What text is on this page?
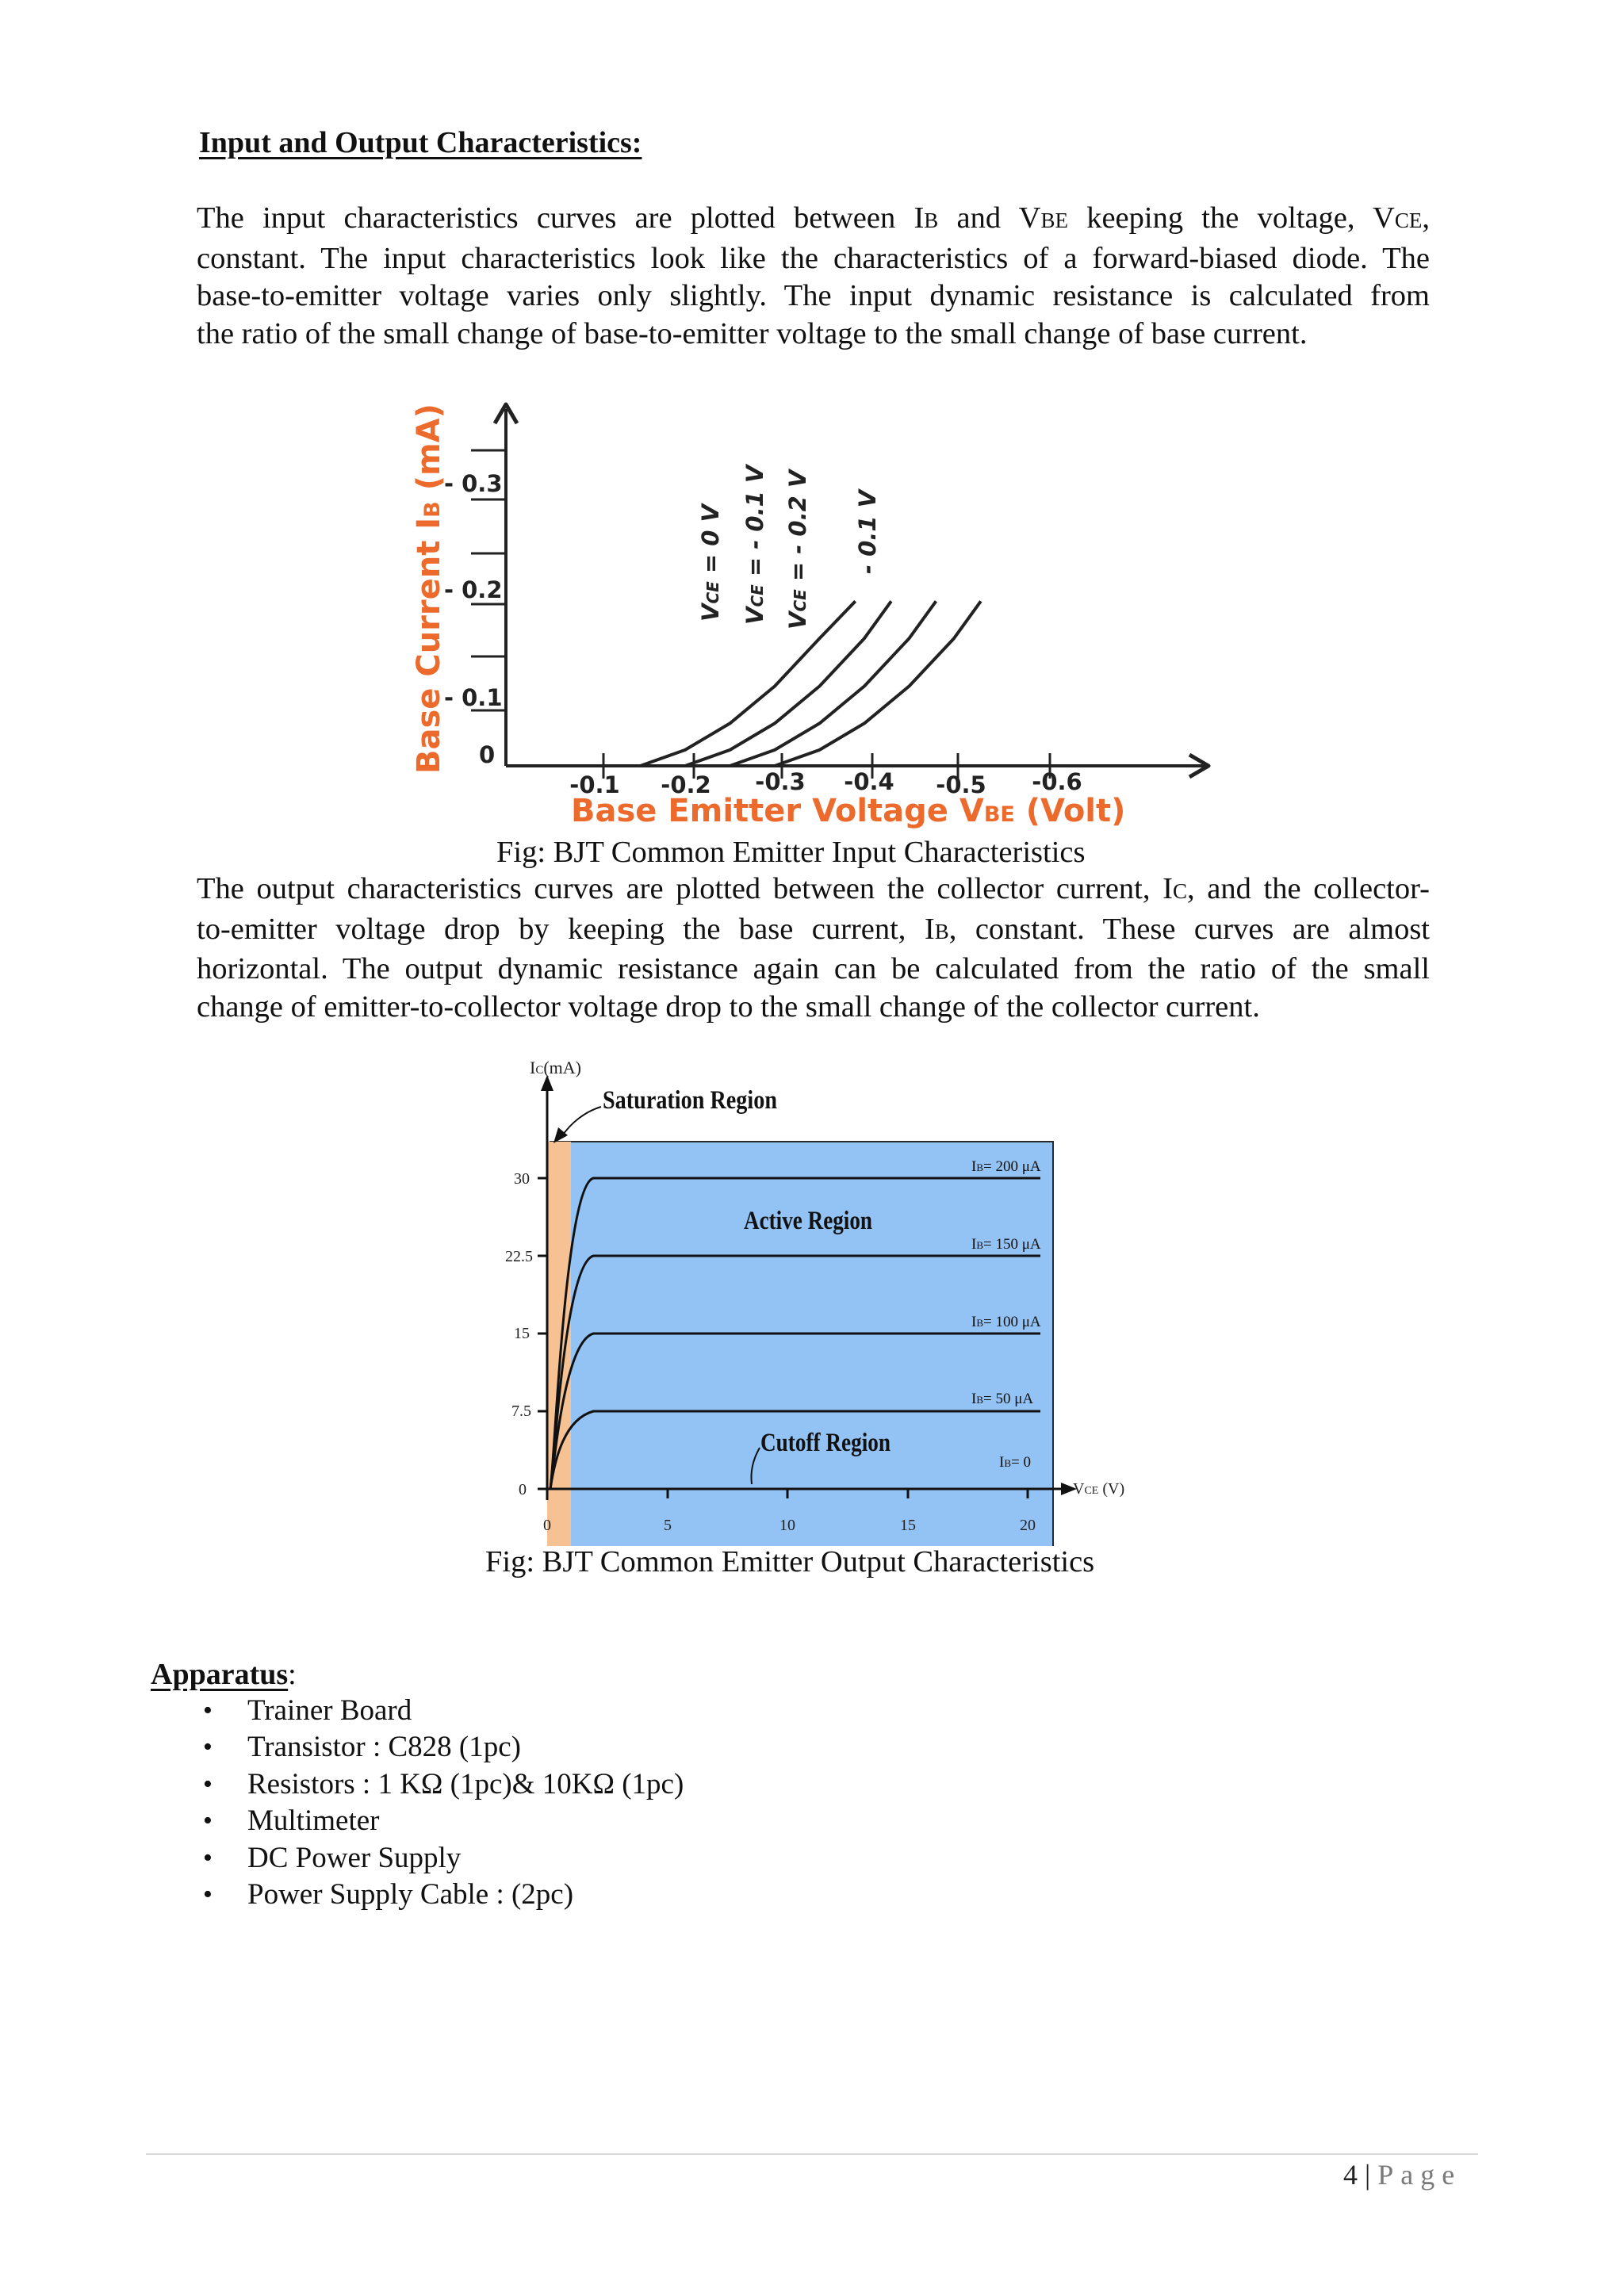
Input and Output Characteristics:
The input characteristics curves are plotted between IB and VBE keeping the voltage, VCE,
constant. The input characteristics look like the characteristics of a forward-biased diode. The
base-to-emitter voltage varies only slightly. The input dynamic resistance is calculated from
the ratio of the small change of base-to-emitter voltage to the small change of base current.
0
- 0.1
- 0.2
- 0.3
-0.1 -0.2 -0.3 -0.4 -0.5 -0.6
Base Emitter Voltage VBE (Volt)
Base Current IB (mA)
VCE = 0 V
VCE = - 0.1 V
VCE = - 0.2 V - 0.1 V
Fig: BJT Common Emitter Input Characteristics
The output characteristics curves are plotted between the collector current, IC, and the collector-
to-emitter voltage drop by keeping the base current, IB, constant. These curves are almost
horizontal. The output dynamic resistance again can be calculated from the ratio of the small
change of emitter-to-collector voltage drop to the small change of the collector current.
0
7.5
15
22.5
30
0	5	10	15	20
IC(mA)
VCE (V)
Saturation Region
Active Region
Cutoff Region
IB= 200 μA
IB= 150 μA
IB= 100 μA
IB= 50 μA
IB= 0
Fig: BJT Common Emitter Output Characteristics
Apparatus:
• Trainer Board
• Transistor : C828 (1pc)
• Resistors : 1 KΩ (1pc)& 10KΩ (1pc)
• Multimeter
• DC Power Supply
• Power Supply Cable : (2pc)
4 | Page
